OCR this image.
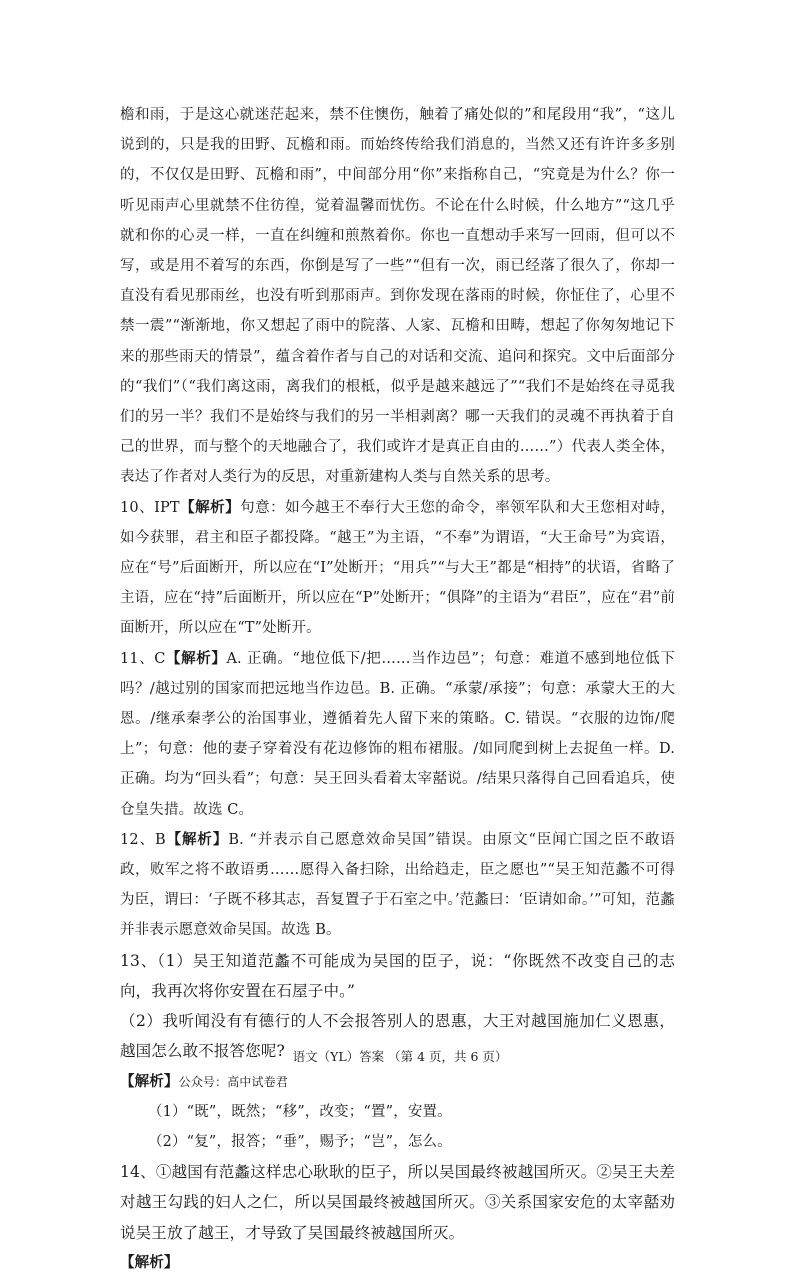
檐和雨，于是这心就迷茫起来，禁不住懊伤，触着了痛处似的”和尾段用“我”，“这儿说到的，只是我的田野、瓦檐和雨。而始终传给我们消息的，当然又还有许许多多别的，不仅仅是田野、瓦檐和雨”，中间部分用“你”来指称自己，“究竟是为什么？你一听见雨声心里就禁不住彷徨，觉着温馨而忧伤。不论在什么时候，什么地方”“这几乎就和你的心灵一样，一直在纠缠和煎熬着你。你也一直想动手来写一回雨，但可以不写，或是用不着写的东西，你倒是写了一些”“但有一次，雨已经落了很久了，你却一直没有看见那雨丝，也没有听到那雨声。到你发现在落雨的时候，你怔住了，心里不禁一震”“渐渐地，你又想起了雨中的院落、人家、瓦檐和田畴，想起了你匆匆地记下来的那些雨天的情景”，蕴含着作者与自己的对话和交流、追问和探究。文中后面部分的“我们”（“我们离这雨，离我们的根柢，似乎是越来越远了”“我们不是始终在寻觅我们的另一半？我们不是始终与我们的另一半相剥离？哪一天我们的灵魂不再执着于自己的世界，而与整个的天地融合了，我们或许才是真正自由的……”）代表人类全体，表达了作者对人类行为的反思，对重新建构人类与自然关系的思考。

10、IPT【解析】句意：如今越王不奉行大王您的命令，率领军队和大王您相对峙，如今获罪，君主和臣子都投降。“越王”为主语，“不奉”为谓语，“大王命号”为宾语，应在“号”后面断开，所以应在“I”处断开；“用兵”“与大王”都是“相持”的状语，省略了主语，应在“持”后面断开，所以应在“P”处断开；“俱降”的主语为“君臣”，应在“君”前面断开，所以应在“T”处断开。

11、C【解析】A. 正确。“地位低下/把……当作边邑”；句意：难道不感到地位低下吗？/越过别的国家而把远地当作边邑。B. 正确。“承蒙/承接”；句意：承蒙大王的大恩。/继承秦孝公的治国事业，遵循着先人留下来的策略。C. 错误。“衣服的边饰/爬上”；句意：他的妻子穿着没有花边修饰的粗布裙服。/如同爬到树上去捉鱼一样。D. 正确。均为“回头看”；句意：吴王回头看着太宰嚭说。/结果只落得自己回看追兵，使仓皇失措。故选 C。

12、B【解析】B. “并表示自己愿意效命吴国”错误。由原文“臣闻亡国之臣不敢语政，败军之将不敢语勇……愿得入备扫除，出给趋走，臣之愿也”“吴王知范蠡不可得为臣，谓曰：‘子既不移其志，吾复置子于石室之中。’范蠡曰：‘臣请如命。’”可知，范蠡并非表示愿意效命吴国。故选 B。

13、（1）吴王知道范蠡不可能成为吴国的臣子，说：“你既然不改变自己的志向，我再次将你安置在石屋子中。”

（2）我听闻没有有德行的人不会报答别人的恩惠，大王对越国施加仁义恩惠，越国怎么敢不报答您呢?

【解析】公众号：高中试卷君

（1）“既”，既然；“移”，改变；“置”，安置。

（2）“复”，报答；“垂”，赐予；“岂”，怎么。

14、①越国有范蠡这样忠心耿耿的臣子，所以吴国最终被越国所灭。②吴王夫差对越王勾践的妇人之仁，所以吴国最终被越国所灭。③关系国家安危的太宰嚭劝说吴王放了越王，才导致了吴国最终被越国所灭。

【解析】

语文（YL）答案 （第 4 页，共 6 页）
